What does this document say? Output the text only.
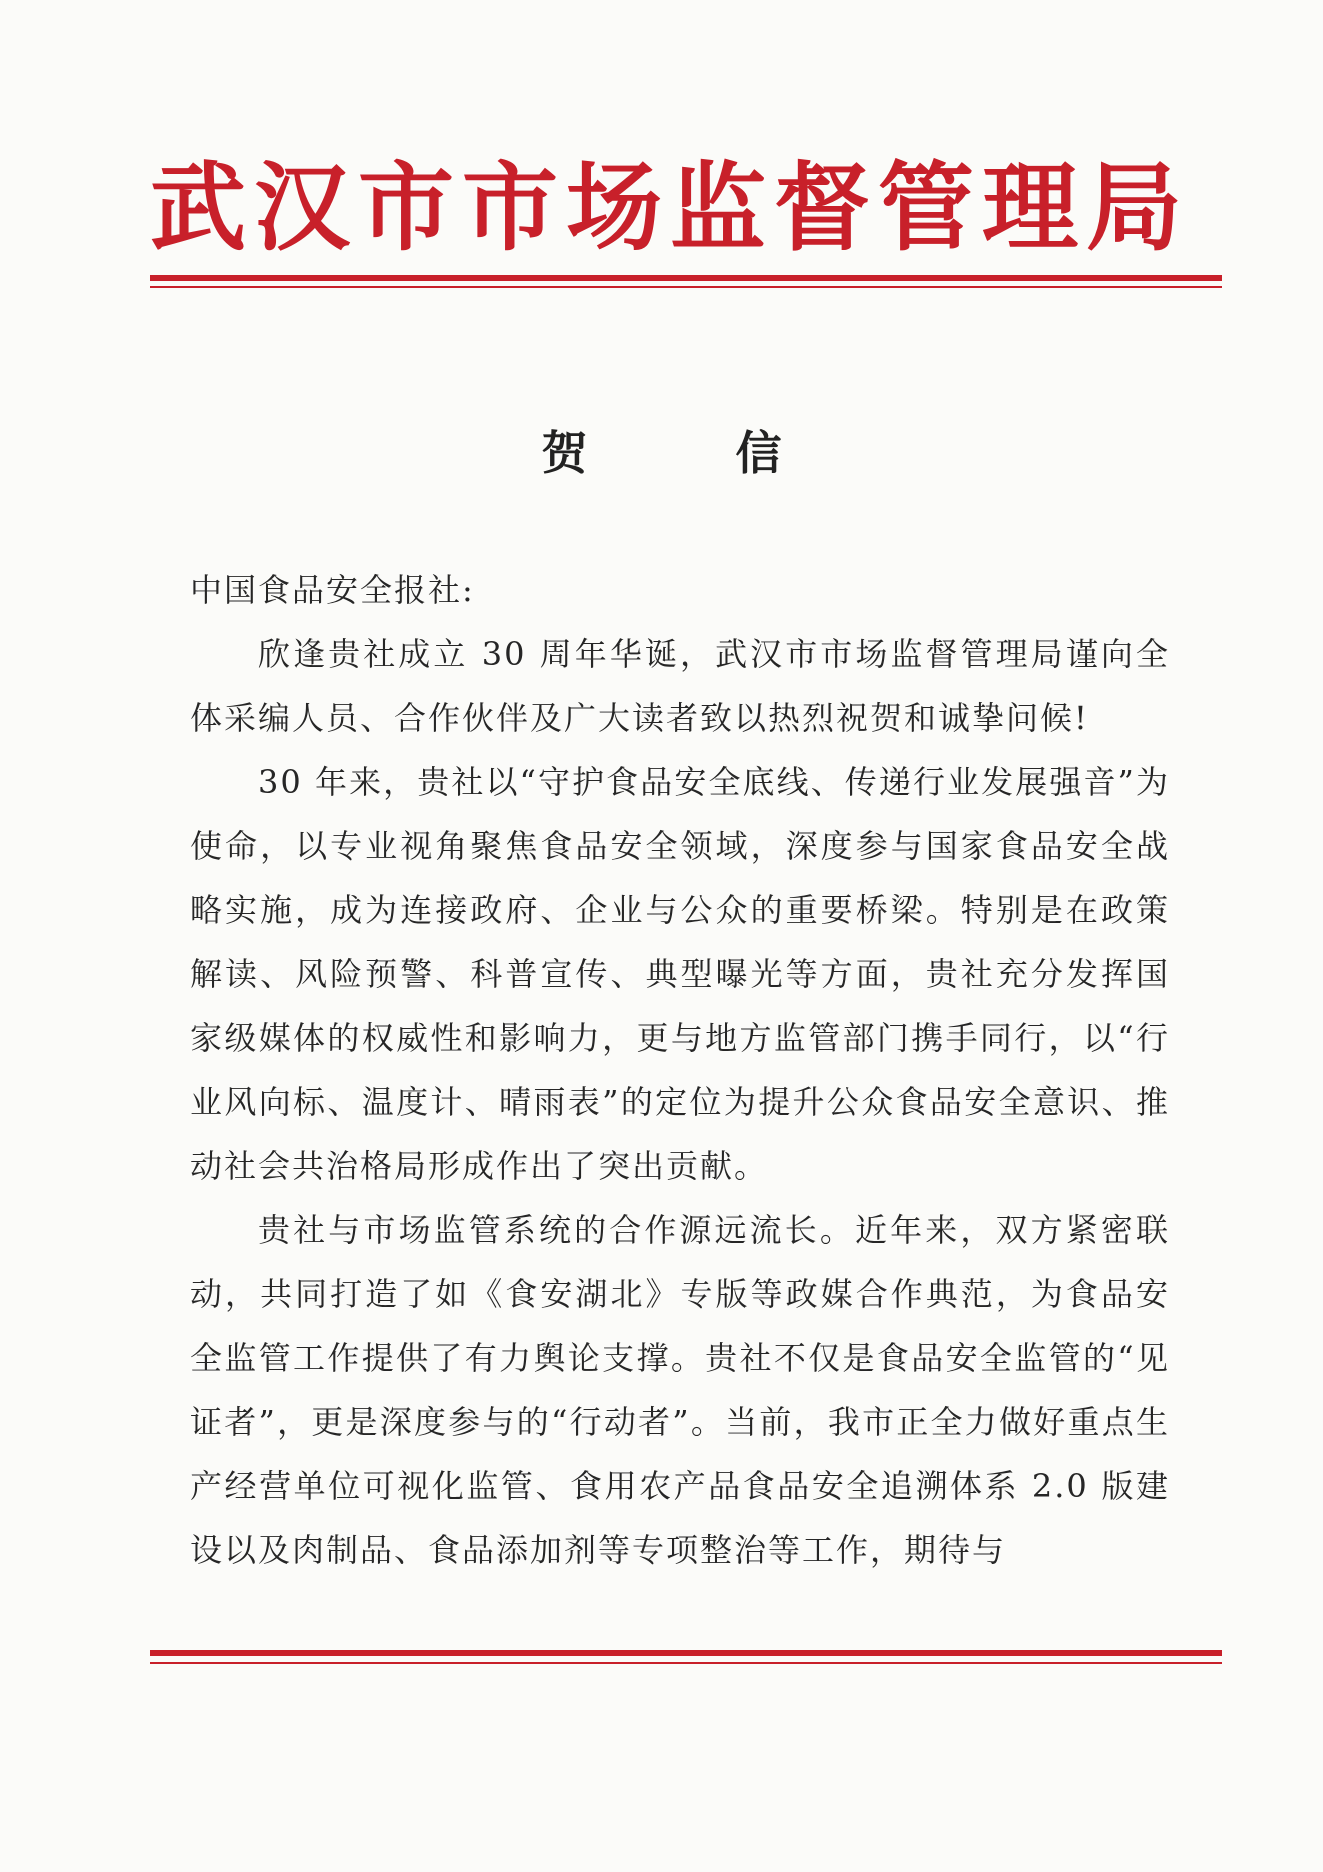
武汉市市场监督管理局
贺 信

中国食品安全报社:

欣逢贵社成立 30 周年华诞，武汉市市场监督管理局谨向全体采编人员、合作伙伴及广大读者致以热烈祝贺和诚挚问候!

30 年来，贵社以“守护食品安全底线、传递行业发展强音”为使命，以专业视角聚焦食品安全领域，深度参与国家食品安全战略实施，成为连接政府、企业与公众的重要桥梁。特别是在政策解读、风险预警、科普宣传、典型曝光等方面，贵社充分发挥国家级媒体的权威性和影响力，更与地方监管部门携手同行，以“行业风向标、温度计、晴雨表”的定位为提升公众食品安全意识、推动社会共治格局形成作出了突出贡献。

贵社与市场监管系统的合作源远流长。近年来，双方紧密联动，共同打造了如《食安湖北》专版等政媒合作典范，为食品安全监管工作提供了有力舆论支撑。贵社不仅是食品安全监管的“见证者”，更是深度参与的“行动者”。当前，我市正全力做好重点生产经营单位可视化监管、食用农产品食品安全追溯体系 2.0 版建设以及肉制品、食品添加剂等专项整治等工作，期待与
